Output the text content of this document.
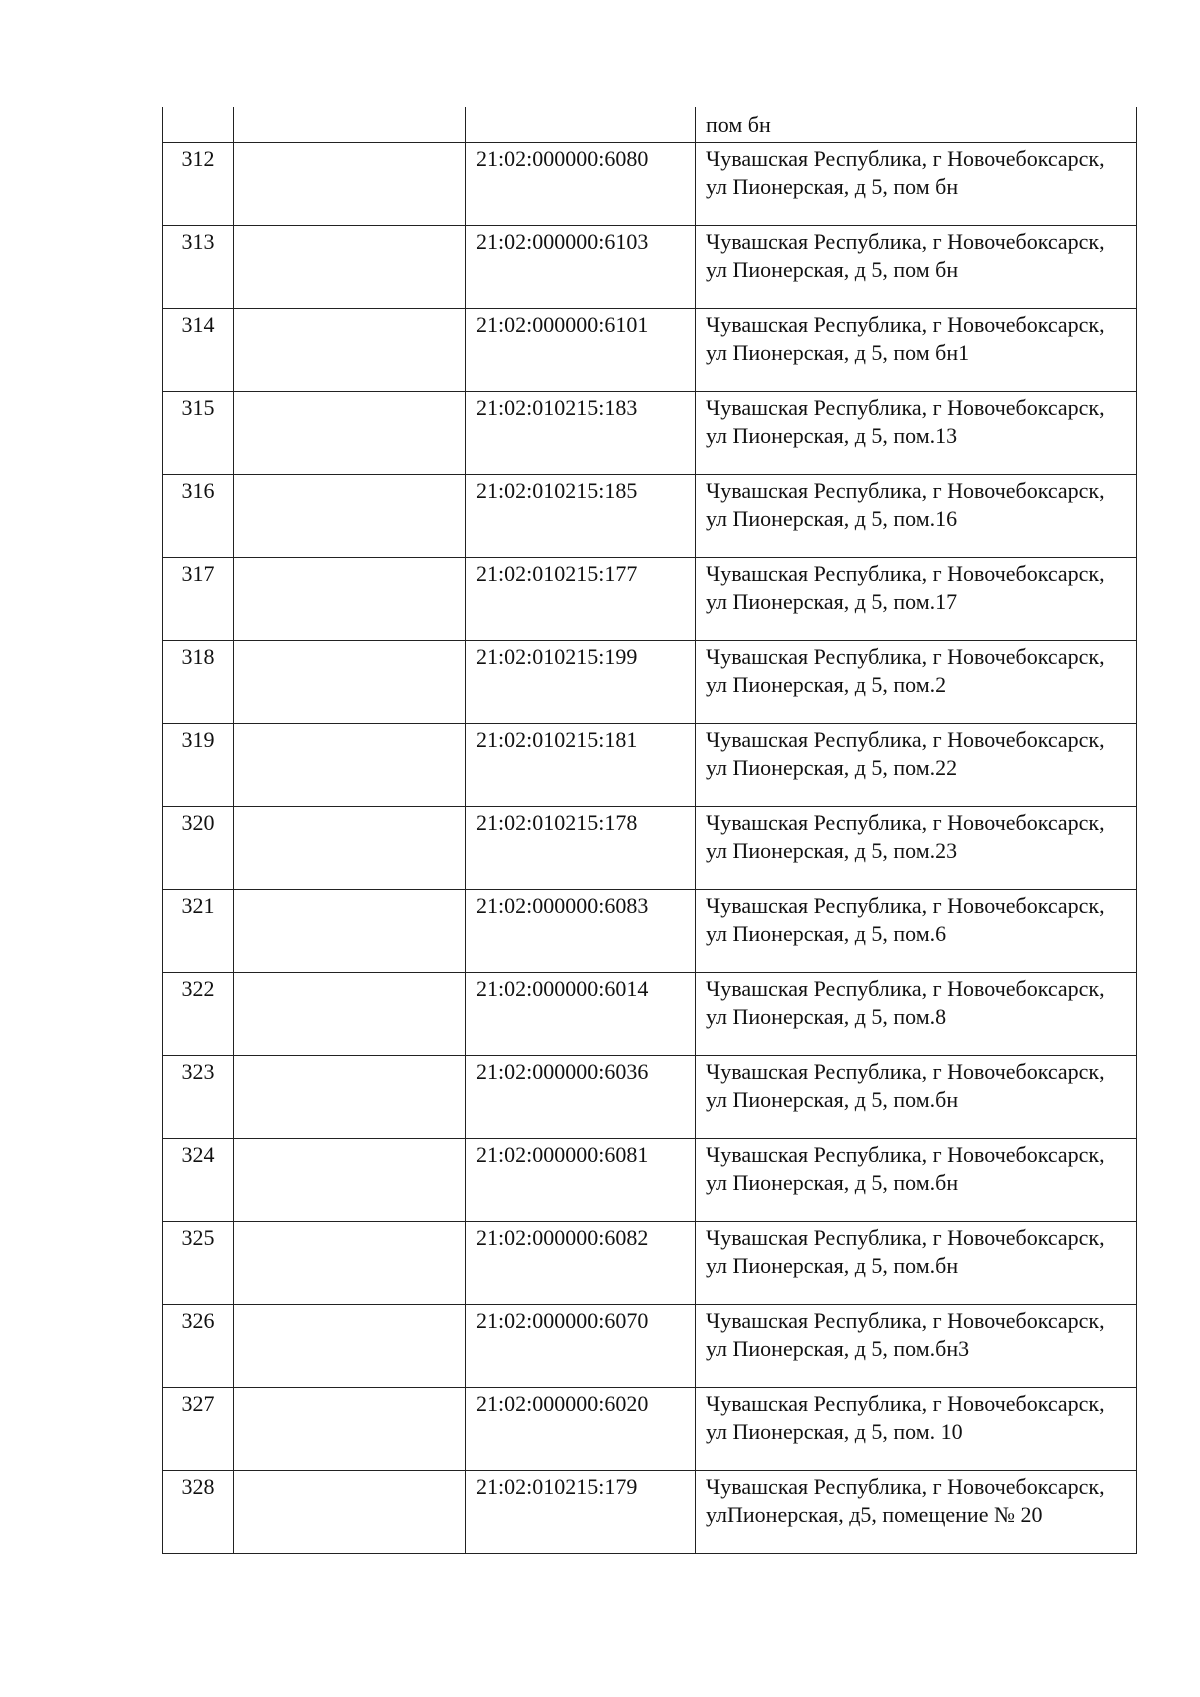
			пом бн
312		21:02:000000:6080	Чувашская Республика, г Новочебоксарск, ул Пионерская, д 5, пом бн
313		21:02:000000:6103	Чувашская Республика, г Новочебоксарск, ул Пионерская, д 5, пом бн
314		21:02:000000:6101	Чувашская Республика, г Новочебоксарск, ул Пионерская, д 5, пом бн1
315		21:02:010215:183	Чувашская Республика, г Новочебоксарск, ул Пионерская, д 5, пом.13
316		21:02:010215:185	Чувашская Республика, г Новочебоксарск, ул Пионерская, д 5, пом.16
317		21:02:010215:177	Чувашская Республика, г Новочебоксарск, ул Пионерская, д 5, пом.17
318		21:02:010215:199	Чувашская Республика, г Новочебоксарск, ул Пионерская, д 5, пом.2
319		21:02:010215:181	Чувашская Республика, г Новочебоксарск, ул Пионерская, д 5, пом.22
320		21:02:010215:178	Чувашская Республика, г Новочебоксарск, ул Пионерская, д 5, пом.23
321		21:02:000000:6083	Чувашская Республика, г Новочебоксарск, ул Пионерская, д 5, пом.6
322		21:02:000000:6014	Чувашская Республика, г Новочебоксарск, ул Пионерская, д 5, пом.8
323		21:02:000000:6036	Чувашская Республика, г Новочебоксарск, ул Пионерская, д 5, пом.бн
324		21:02:000000:6081	Чувашская Республика, г Новочебоксарск, ул Пионерская, д 5, пом.бн
325		21:02:000000:6082	Чувашская Республика, г Новочебоксарск, ул Пионерская, д 5, пом.бн
326		21:02:000000:6070	Чувашская Республика, г Новочебоксарск, ул Пионерская, д 5, пом.бн3
327		21:02:000000:6020	Чувашская Республика, г Новочебоксарск, ул Пионерская, д 5, пом. 10
328		21:02:010215:179	Чувашская Республика, г Новочебоксарск, улПионерская, д5, помещение № 20
